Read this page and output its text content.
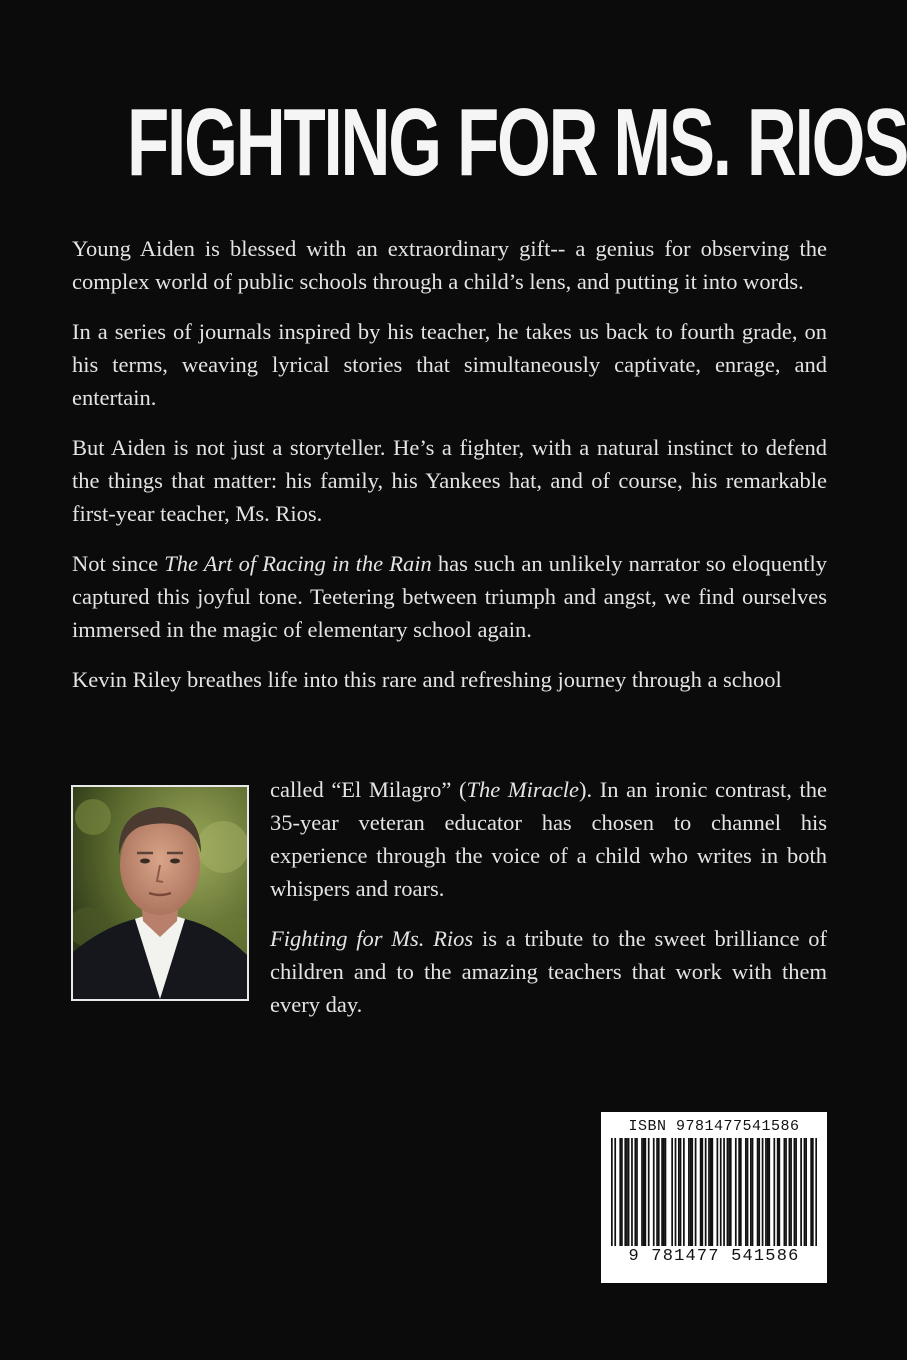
FIGHTING FOR MS. RIOS

Young Aiden is blessed with an extraordinary gift-- a genius for observing the complex world of public schools through a child’s lens, and putting it into words.

In a series of journals inspired by his teacher, he takes us back to fourth grade, on his terms, weaving lyrical stories that simultaneously captivate, enrage, and entertain.

But Aiden is not just a storyteller. He’s a fighter, with a natural instinct to defend the things that matter: his family, his Yankees hat, and of course, his remarkable first-year teacher, Ms. Rios.

Not since The Art of Racing in the Rain has such an unlikely narrator so eloquently captured this joyful tone. Teetering between triumph and angst, we find ourselves immersed in the magic of elementary school again.

Kevin Riley breathes life into this rare and refreshing journey through a school

called “El Milagro” (The Miracle). In an ironic contrast, the 35-year veteran educator has chosen to channel his experience through the voice of a child who writes in both whispers and roars.

Fighting for Ms. Rios is a tribute to the sweet brilliance of children and to the amazing teachers that work with them every day.

ISBN 9781477541586
9 781477 541586
